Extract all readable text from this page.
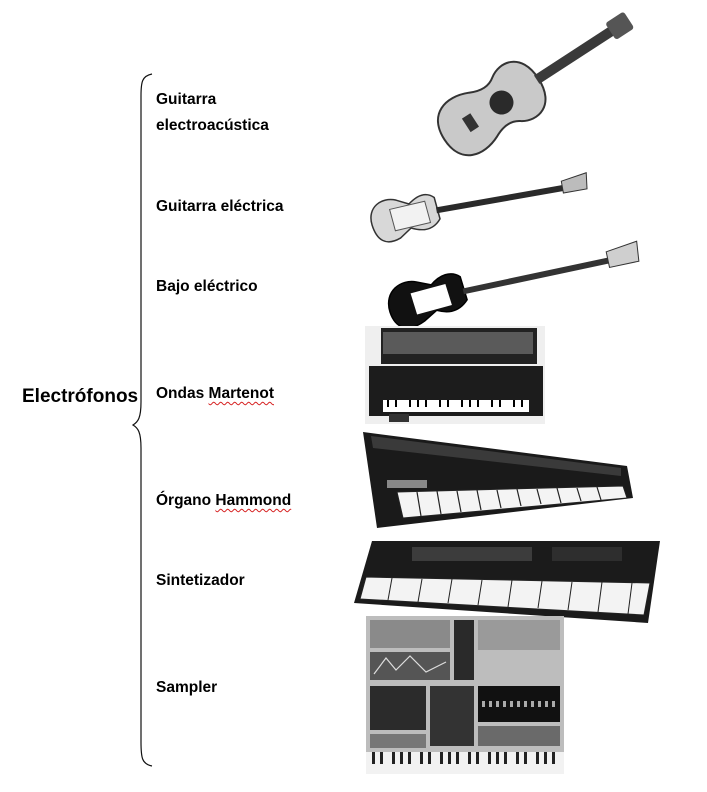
Electrófonos
Guitarra
electroacústica
Guitarra eléctrica
Bajo eléctrico
Ondas Martenot
Órgano Hammond
Sintetizador
Sampler
